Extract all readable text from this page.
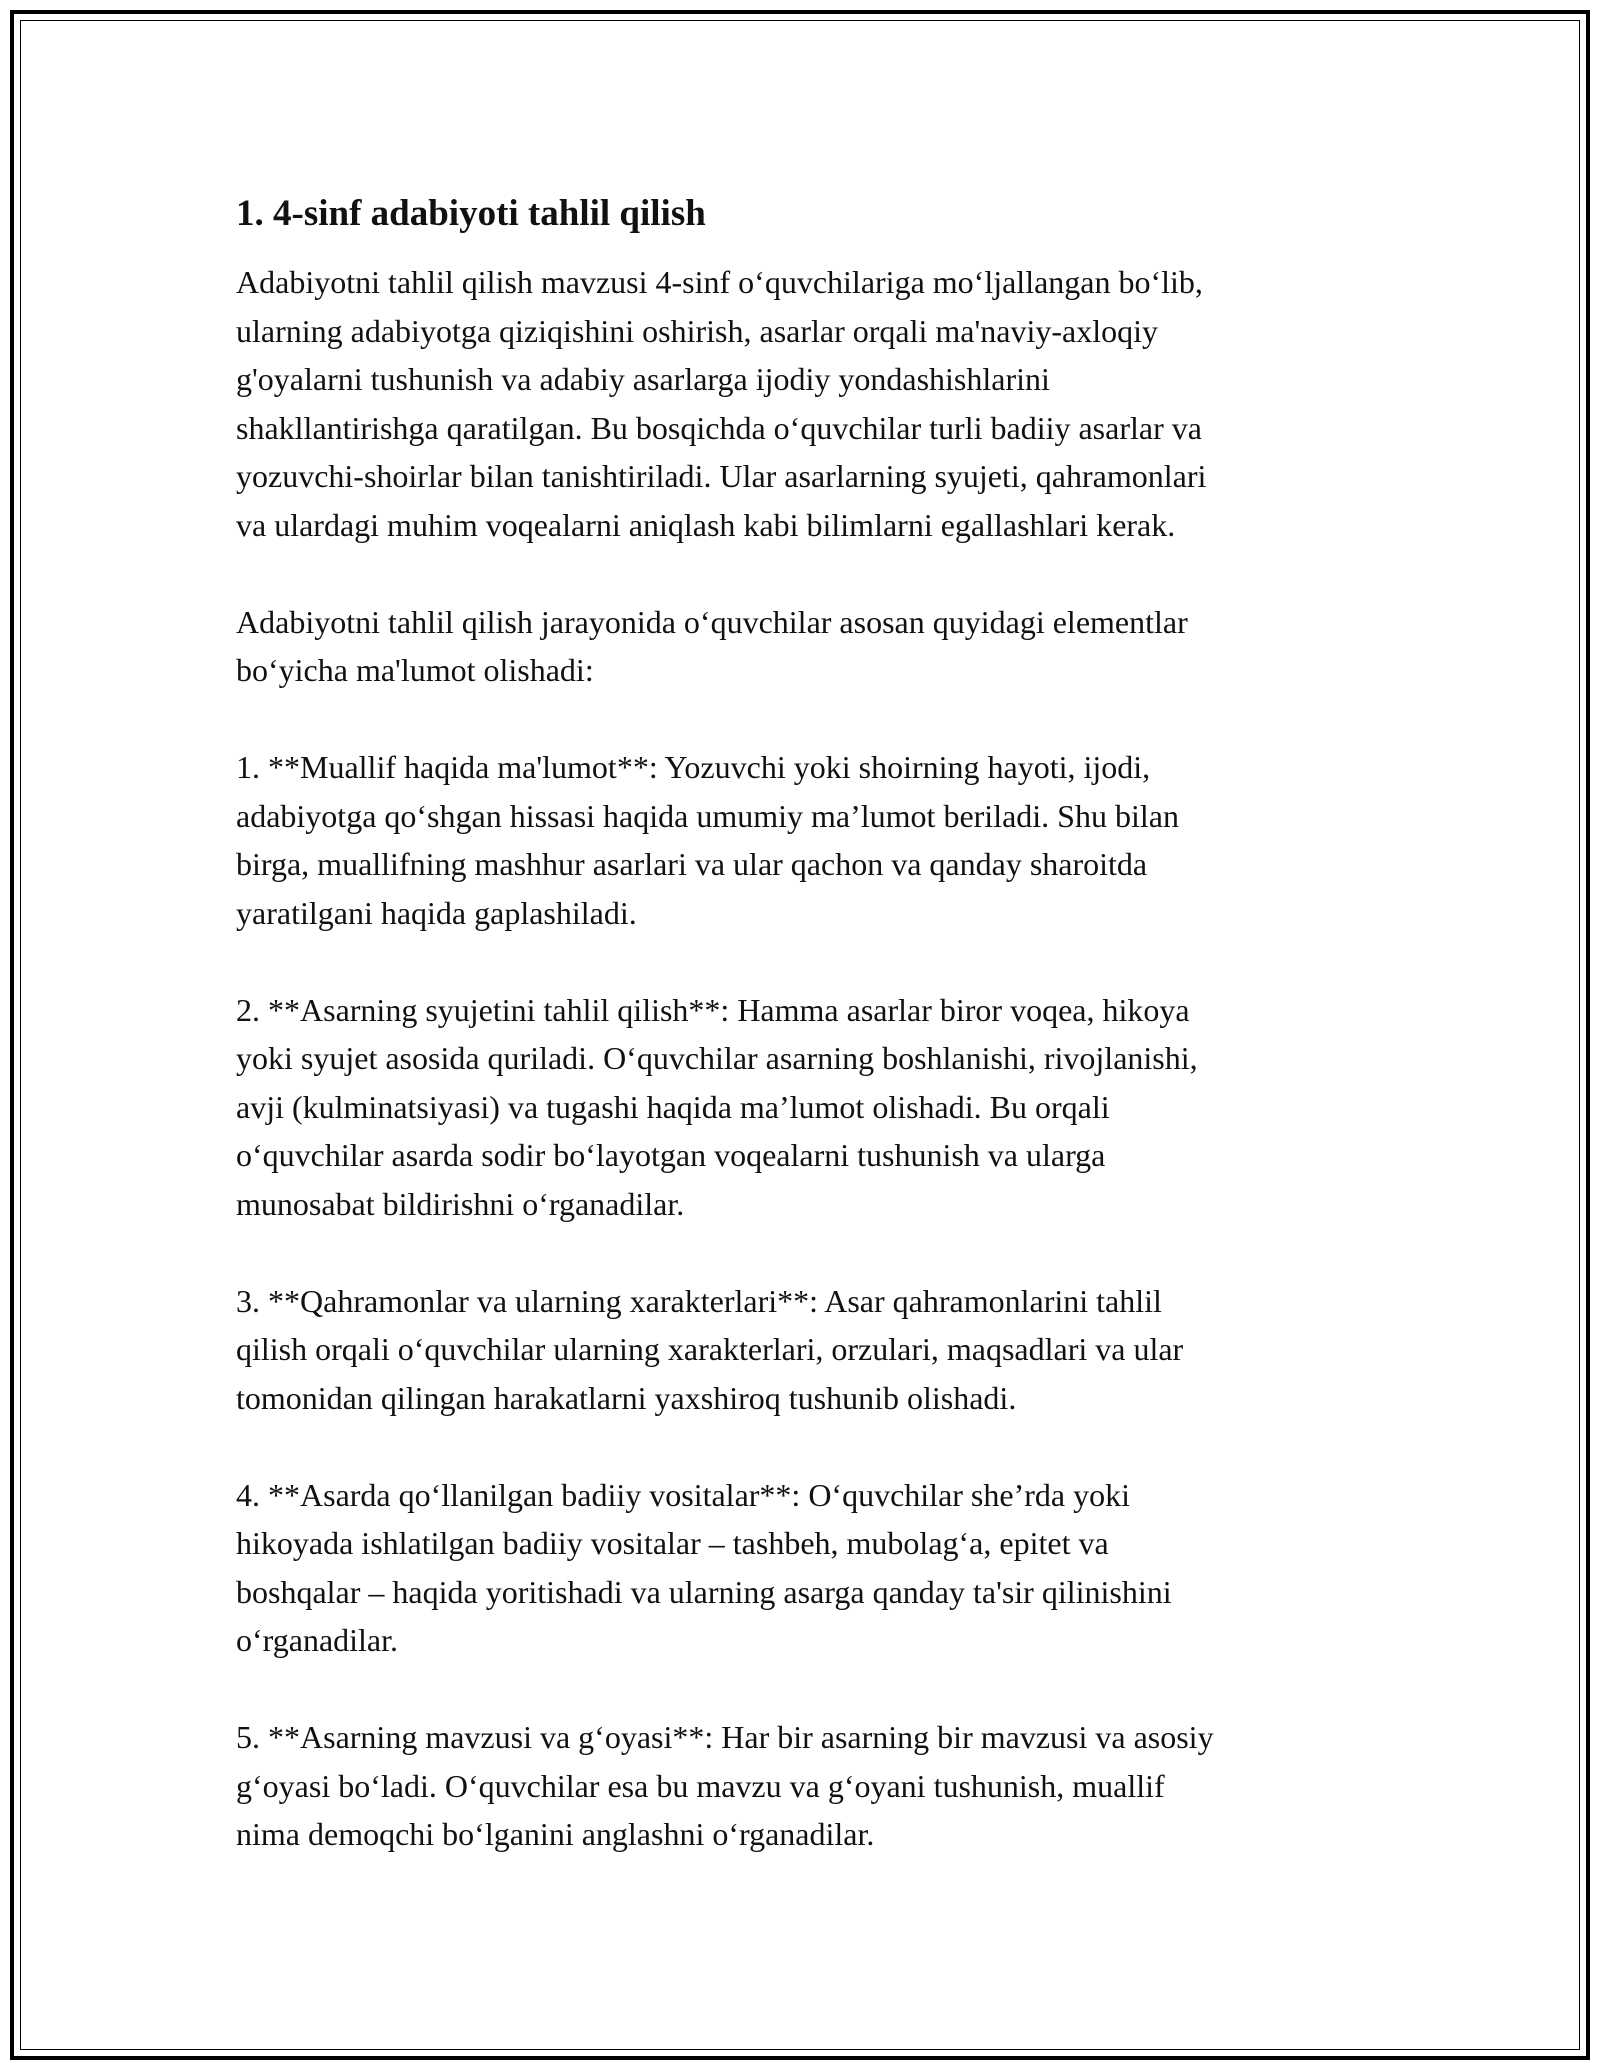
1. 4-sinf adabiyoti tahlil qilish

Adabiyotni tahlil qilish mavzusi 4-sinf o‘quvchilariga mo‘ljallangan bo‘lib,
ularning adabiyotga qiziqishini oshirish, asarlar orqali ma'naviy-axloqiy
g'oyalarni tushunish va adabiy asarlarga ijodiy yondashishlarini
shakllantirishga qaratilgan. Bu bosqichda o‘quvchilar turli badiiy asarlar va
yozuvchi-shoirlar bilan tanishtiriladi. Ular asarlarning syujeti, qahramonlari
va ulardagi muhim voqealarni aniqlash kabi bilimlarni egallashlari kerak.

Adabiyotni tahlil qilish jarayonida o‘quvchilar asosan quyidagi elementlar
bo‘yicha ma'lumot olishadi:

1. **Muallif haqida ma'lumot**: Yozuvchi yoki shoirning hayoti, ijodi,
adabiyotga qo‘shgan hissasi haqida umumiy ma’lumot beriladi. Shu bilan
birga, muallifning mashhur asarlari va ular qachon va qanday sharoitda
yaratilgani haqida gaplashiladi.

2. **Asarning syujetini tahlil qilish**: Hamma asarlar biror voqea, hikoya
yoki syujet asosida quriladi. O‘quvchilar asarning boshlanishi, rivojlanishi,
avji (kulminatsiyasi) va tugashi haqida ma’lumot olishadi. Bu orqali
o‘quvchilar asarda sodir bo‘layotgan voqealarni tushunish va ularga
munosabat bildirishni o‘rganadilar.

3. **Qahramonlar va ularning xarakterlari**: Asar qahramonlarini tahlil
qilish orqali o‘quvchilar ularning xarakterlari, orzulari, maqsadlari va ular
tomonidan qilingan harakatlarni yaxshiroq tushunib olishadi.

4. **Asarda qo‘llanilgan badiiy vositalar**: O‘quvchilar she’rda yoki
hikoyada ishlatilgan badiiy vositalar – tashbeh, mubolag‘a, epitet va
boshqalar – haqida yoritishadi va ularning asarga qanday ta'sir qilinishini
o‘rganadilar.

5. **Asarning mavzusi va g‘oyasi**: Har bir asarning bir mavzusi va asosiy
g‘oyasi bo‘ladi. O‘quvchilar esa bu mavzu va g‘oyani tushunish, muallif
nima demoqchi bo‘lganini anglashni o‘rganadilar.
